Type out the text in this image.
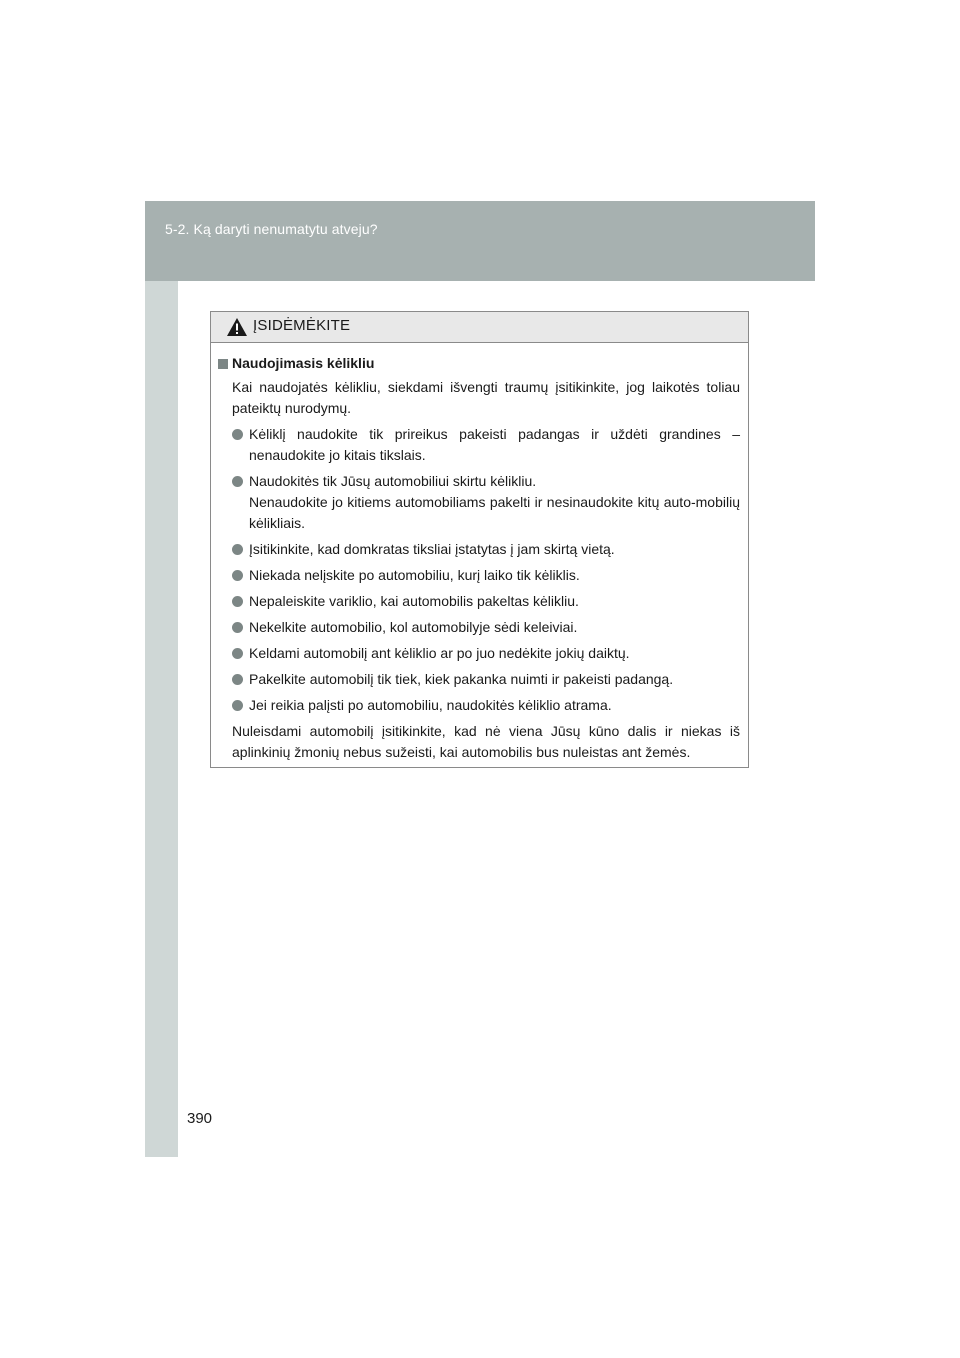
5-2. Ką daryti nenumatytu atveju?
390
ĮSIDĖMĖKITE
Naudojimasis kėlikliu

Kai naudojatės kėlikliu, siekdami išvengti traumų įsitikinkite, jog laikotės toliau pateiktų nurodymų.

Kėliklį naudokite tik prireikus pakeisti padangas ir uždėti grandines – nenaudokite jo kitais tikslais.
Naudokitės tik Jūsų automobiliui skirtu kėlikliu.
Nenaudokite jo kitiems automobiliams pakelti ir nesinaudokite kitų auto-mobilių kėlikliais.
Įsitikinkite, kad domkratas tiksliai įstatytas į jam skirtą vietą.
Niekada nelįskite po automobiliu, kurį laiko tik kėliklis.
Nepaleiskite variklio, kai automobilis pakeltas kėlikliu.
Nekelkite automobilio, kol automobilyje sėdi keleiviai.
Keldami automobilį ant kėliklio ar po juo nedėkite jokių daiktų.
Pakelkite automobilį tik tiek, kiek pakanka nuimti ir pakeisti padangą.
Jei reikia palįsti po automobiliu, naudokitės kėliklio atrama.

Nuleisdami automobilį įsitikinkite, kad nė viena Jūsų kūno dalis ir niekas iš aplinkinių žmonių nebus sužeisti, kai automobilis bus nuleistas ant žemės.
